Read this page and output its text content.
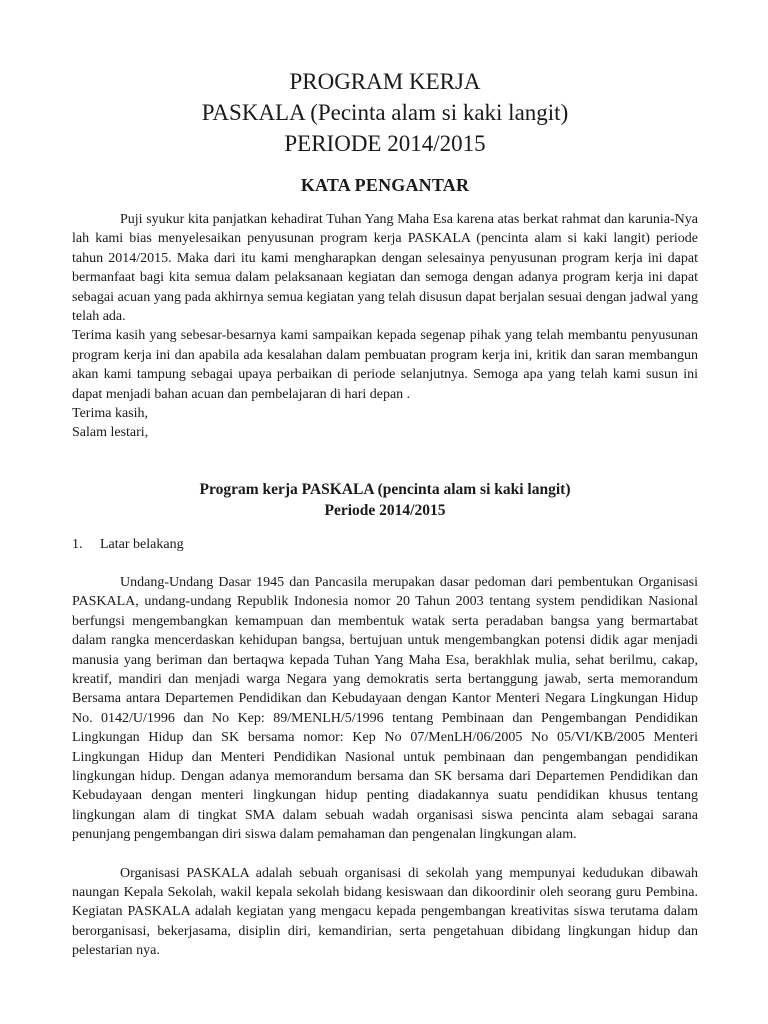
PROGRAM KERJA
PASKALA (Pecinta alam si kaki langit)
PERIODE 2014/2015
KATA PENGANTAR

Puji syukur kita panjatkan kehadirat Tuhan Yang Maha Esa karena atas berkat rahmat dan karunia-Nya lah kami bias menyelesaikan penyusunan program kerja PASKALA (pencinta alam si kaki langit) periode tahun 2014/2015. Maka dari itu kami mengharapkan dengan selesainya penyusunan program kerja ini dapat bermanfaat bagi kita semua dalam pelaksanaan kegiatan dan semoga dengan adanya program kerja ini dapat sebagai acuan yang pada akhirnya semua kegiatan yang telah disusun dapat berjalan sesuai dengan jadwal yang telah ada.

Terima kasih yang sebesar-besarnya kami sampaikan kepada segenap pihak yang telah membantu penyusunan program kerja ini dan apabila ada kesalahan dalam pembuatan program kerja ini, kritik dan saran membangun akan kami tampung sebagai upaya perbaikan di periode selanjutnya. Semoga apa yang telah kami susun ini dapat menjadi bahan acuan dan pembelajaran di hari depan .

Terima kasih,

Salam lestari,

Program kerja PASKALA (pencinta alam si kaki langit)
Periode 2014/2015
1.	Latar belakang

Undang-Undang Dasar 1945 dan Pancasila merupakan dasar pedoman dari pembentukan Organisasi PASKALA, undang-undang Republik Indonesia nomor 20 Tahun 2003 tentang system pendidikan Nasional berfungsi mengembangkan kemampuan dan membentuk watak serta peradaban bangsa yang bermartabat dalam rangka mencerdaskan kehidupan bangsa, bertujuan untuk mengembangkan potensi didik agar menjadi manusia yang beriman dan bertaqwa kepada Tuhan Yang Maha Esa, berakhlak mulia, sehat berilmu, cakap, kreatif, mandiri dan menjadi warga Negara yang demokratis serta bertanggung jawab, serta memorandum Bersama antara Departemen Pendidikan dan Kebudayaan dengan Kantor Menteri Negara Lingkungan Hidup No. 0142/U/1996 dan No Kep: 89/MENLH/5/1996 tentang Pembinaan dan Pengembangan Pendidikan Lingkungan Hidup dan SK bersama nomor: Kep No 07/MenLH/06/2005 No 05/VI/KB/2005 Menteri Lingkungan Hidup dan Menteri Pendidikan Nasional untuk pembinaan dan pengembangan pendidikan lingkungan hidup. Dengan adanya memorandum bersama dan SK bersama dari Departemen Pendidikan dan Kebudayaan dengan menteri lingkungan hidup penting diadakannya suatu pendidikan khusus tentang lingkungan alam di tingkat SMA dalam sebuah wadah organisasi siswa pencinta alam sebagai sarana penunjang pengembangan diri siswa dalam pemahaman dan pengenalan lingkungan alam.

Organisasi PASKALA adalah sebuah organisasi di sekolah yang mempunyai kedudukan dibawah naungan Kepala Sekolah, wakil kepala sekolah bidang kesiswaan dan dikoordinir oleh seorang guru Pembina. Kegiatan PASKALA adalah kegiatan yang mengacu kepada pengembangan kreativitas siswa terutama dalam berorganisasi, bekerjasama, disiplin diri, kemandirian, serta pengetahuan dibidang lingkungan hidup dan pelestarian nya.
